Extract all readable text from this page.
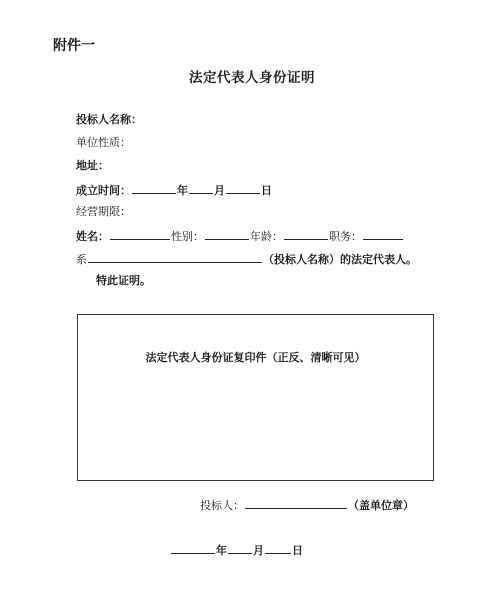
附件一
法定代表人身份证明
投标人名称：
单位性质：
地址：
成立时间：	年 月	日
经营期限：
姓名：	性别：	年龄：	职务：
系	（投标人名称）的法定代表人。
特此证明。
法定代表人身份证复印件（正反、清晰可见）
投标人：	（盖单位章）
年 月	日
